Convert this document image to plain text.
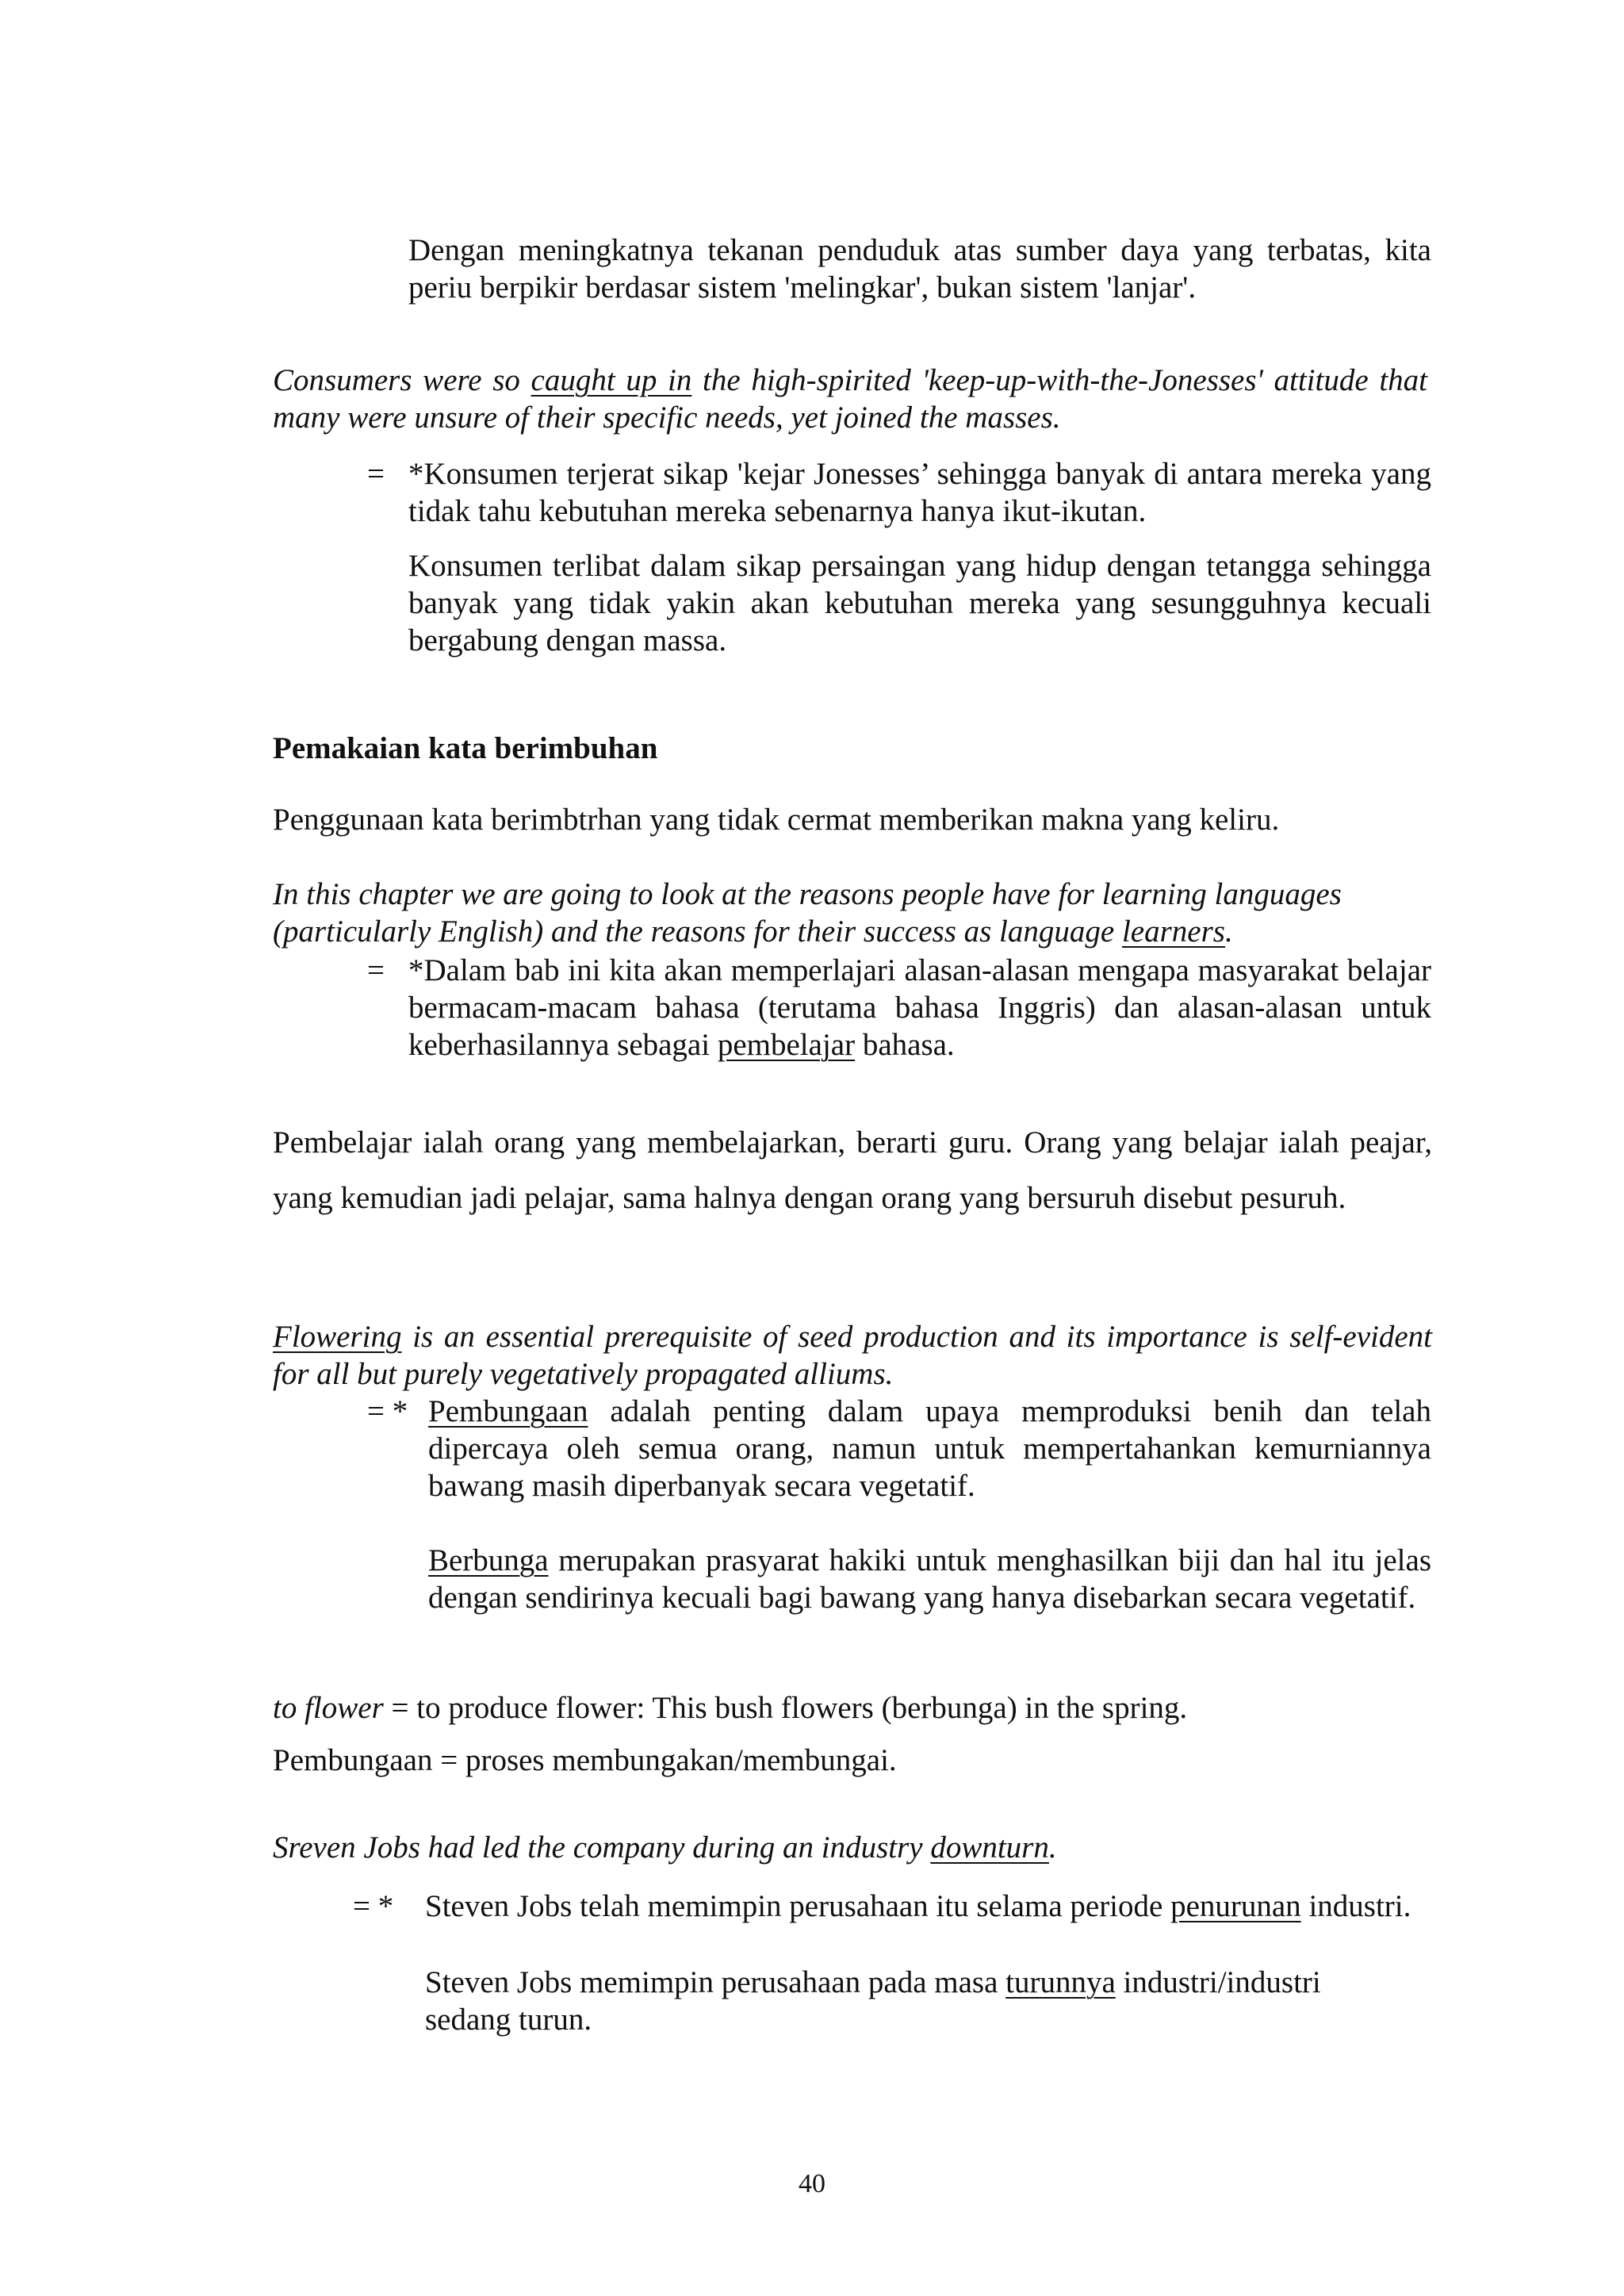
Dengan meningkatnya tekanan penduduk atas sumber daya yang terbatas, kita periu berpikir berdasar sistem 'melingkar', bukan sistem 'lanjar'.

Consumers were so caught up in the high-spirited 'keep-up-with-the-Jonesses' attitude that many were unsure of their specific needs, yet joined the masses.

= *Konsumen terjerat sikap 'kejar Jonesses’ sehingga banyak di antara mereka yang tidak tahu kebutuhan mereka sebenarnya hanya ikut-ikutan.

Konsumen terlibat dalam sikap persaingan yang hidup dengan tetangga sehingga banyak yang tidak yakin akan kebutuhan mereka yang sesungguhnya kecuali bergabung dengan massa.

Pemakaian kata berimbuhan

Penggunaan kata berimbtrhan yang tidak cermat memberikan makna yang keliru.

In this chapter we are going to look at the reasons people have for learning languages (particularly English) and the reasons for their success as language learners.

= *Dalam bab ini kita akan memperlajari alasan-alasan mengapa masyarakat belajar bermacam-macam bahasa (terutama bahasa Inggris) dan alasan-alasan untuk keberhasilannya sebagai pembelajar bahasa.

Pembelajar ialah orang yang membelajarkan, berarti guru. Orang yang belajar ialah peajar, yang kemudian jadi pelajar, sama halnya dengan orang yang bersuruh disebut pesuruh.

Flowering is an essential prerequisite of seed production and its importance is self-evident for all but purely vegetatively propagated alliums.

= * Pembungaan adalah penting dalam upaya memproduksi benih dan telah dipercaya oleh semua orang, namun untuk mempertahankan kemurniannya bawang masih diperbanyak secara vegetatif.

Berbunga merupakan prasyarat hakiki untuk menghasilkan biji dan hal itu jelas dengan sendirinya kecuali bagi bawang yang hanya disebarkan secara vegetatif.

to flower = to produce flower: This bush flowers (berbunga) in the spring.

Pembungaan = proses membungakan/membungai.

Sreven Jobs had led the company during an industry downturn.

= * Steven Jobs telah memimpin perusahaan itu selama periode penurunan industri.

Steven Jobs memimpin perusahaan pada masa turunnya industri/industri sedang turun.

40
